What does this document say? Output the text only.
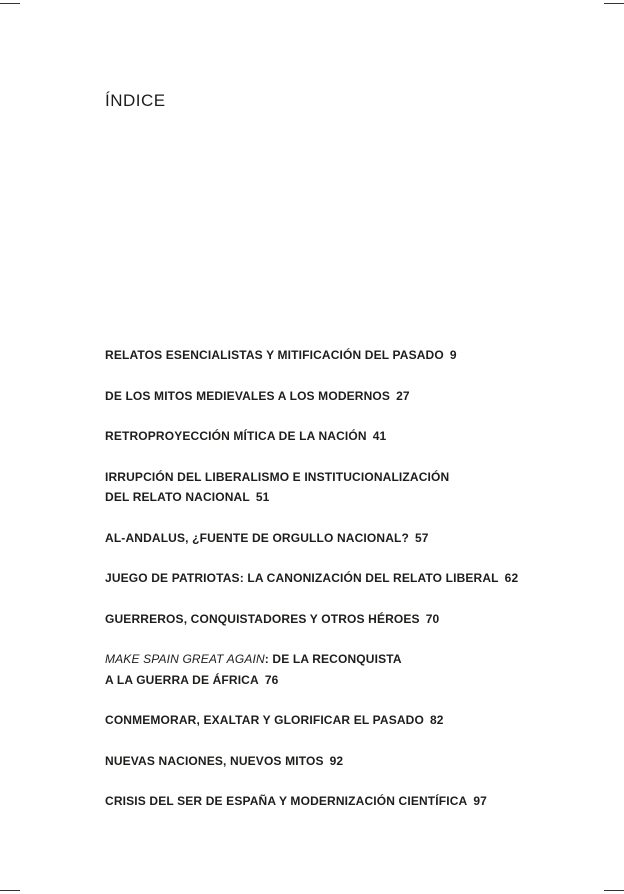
ÍNDICE
RELATOS ESENCIALISTAS Y MITIFICACIÓN DEL PASADO 9
DE LOS MITOS MEDIEVALES A LOS MODERNOS 27
RETROPROYECCIÓN MÍTICA DE LA NACIÓN 41
IRRUPCIÓN DEL LIBERALISMO E INSTITUCIONALIZACIÓN
DEL RELATO NACIONAL 51
AL-ANDALUS, ¿FUENTE DE ORGULLO NACIONAL? 57
JUEGO DE PATRIOTAS: LA CANONIZACIÓN DEL RELATO LIBERAL 62
GUERREROS, CONQUISTADORES Y OTROS HÉROES 70
MAKE SPAIN GREAT AGAIN: DE LA RECONQUISTA
A LA GUERRA DE ÁFRICA 76
CONMEMORAR, EXALTAR Y GLORIFICAR EL PASADO 82
NUEVAS NACIONES, NUEVOS MITOS 92
CRISIS DEL SER DE ESPAÑA Y MODERNIZACIÓN CIENTÍFICA 97
